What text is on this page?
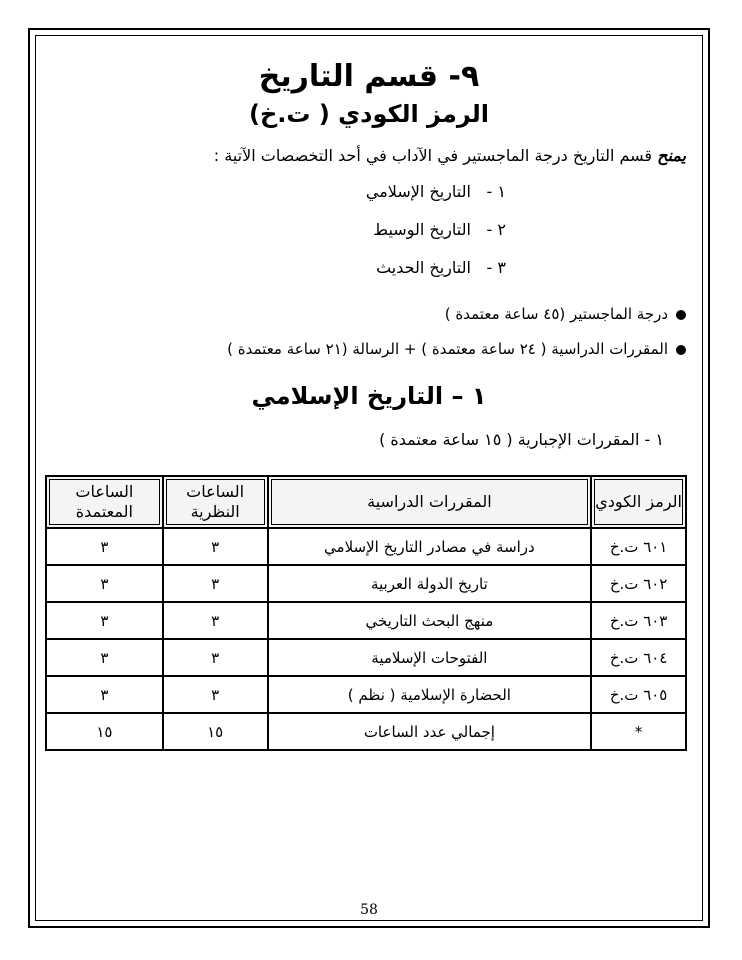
٩- قسم التاريخ
الرمز الكودي ( ت.خ)
يمنح قسم التاريخ درجة الماجستير في الآداب في أحد التخصصات الآتية :
١ - التاريخ الإسلامي
٢ - التاريخ الوسيط
٣ - التاريخ الحديث
درجة الماجستير (٤٥ ساعة معتمدة )
المقررات الدراسية ( ٢٤ ساعة معتمدة ) + الرسالة (٢١ ساعة معتمدة )
١ – التاريخ الإسلامي
١ - المقررات الإجبارية ( ١٥ ساعة معتمدة )
الرمز الكودي	المقررات الدراسية	الساعات النظرية	الساعات المعتمدة

٦٠١ ت.خ	دراسة في مصادر التاريخ الإسلامي	٣	٣
٦٠٢ ت.خ	تاريخ الدولة العربية	٣	٣
٦٠٣ ت.خ	منهج البحث التاريخي	٣	٣
٦٠٤ ت.خ	الفتوحات الإسلامية	٣	٣
٦٠٥ ت.خ	الحضارة الإسلامية ( نظم )	٣	٣
*	إجمالي عدد الساعات	١٥	١٥
58
